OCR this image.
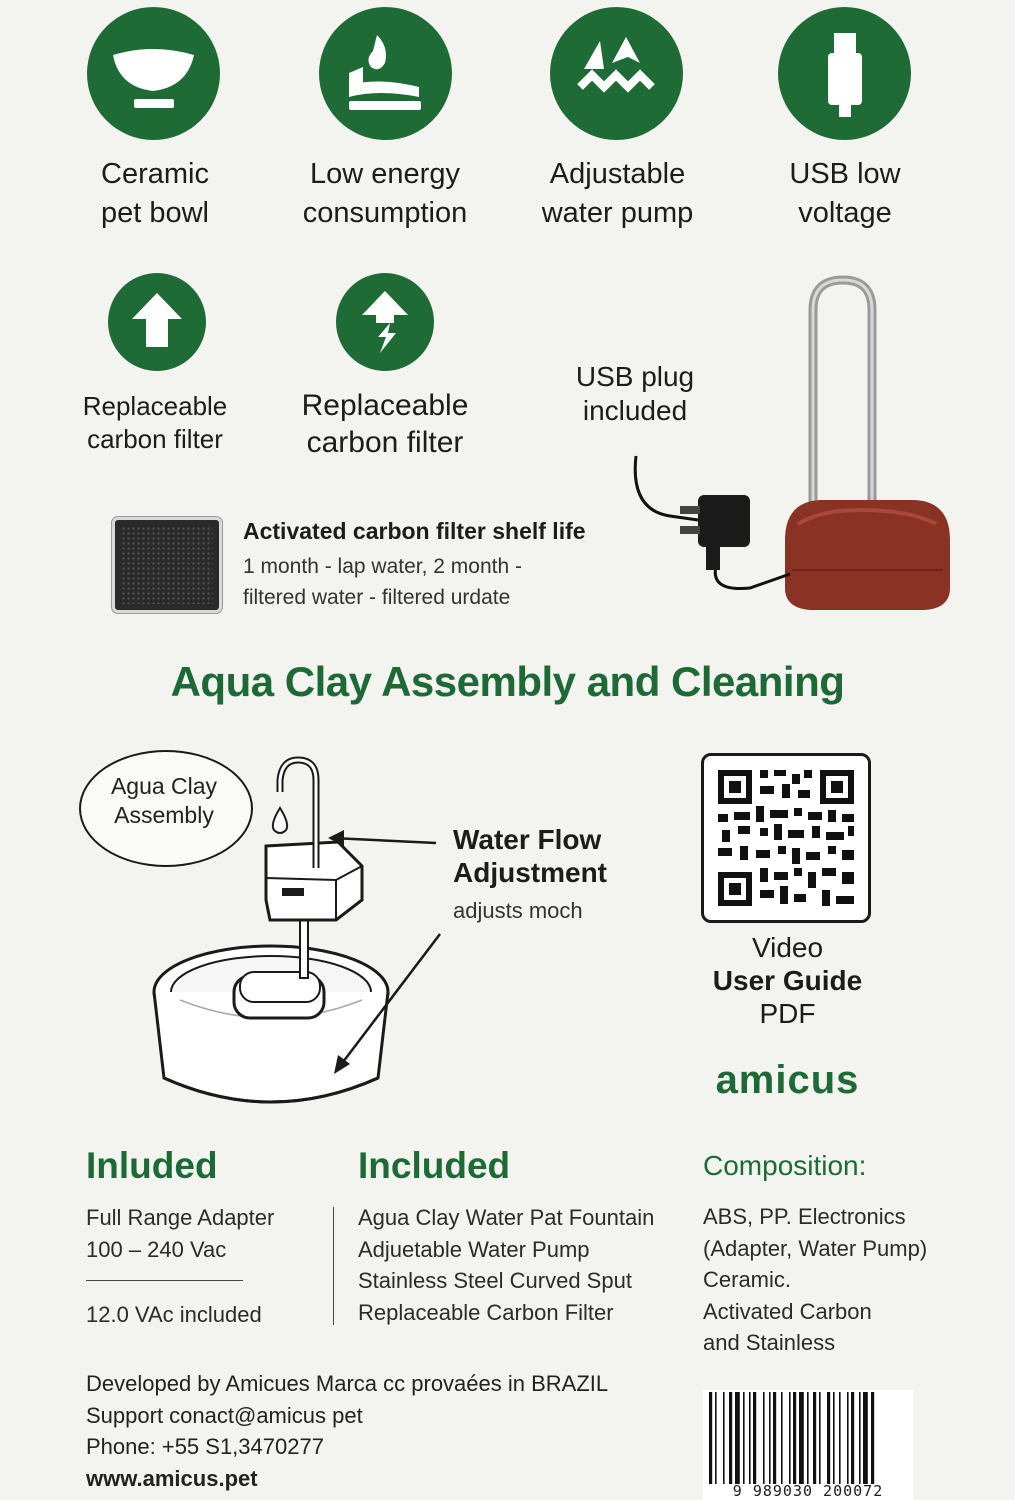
Ceramic
pet bowl
Low energy
consumption
Adjustable
water pump
USB low
voltage
Replaceable
carbon filter
Replaceable
carbon filter
USB plug
included
Activated carbon filter shelf life
1 month - lap water, 2 month -
filtered water - filtered urdate
Aqua Clay Assembly and Cleaning
Agua Clay
Assembly
Water Flow
Adjustment
adjusts moch
Video
User Guide
PDF
amicus
Inluded
Full Range Adapter
100 – 240 Vac
12.0 VAc included
Included
Agua Clay Water Pat Fountain
Adjuetable Water Pump
Stainless Steel Curved Sput
Replaceable Carbon Filter
Composition:
ABS, PP. Electronics
(Adapter, Water Pump)
Ceramic.
Activated Carbon
and Stainless
Developed by Amicues Marca cc provaées in BRAZIL
Support conact@amicus pet
Phone: +55 S1,3470277
www.amicus.pet
9 989030 200072
